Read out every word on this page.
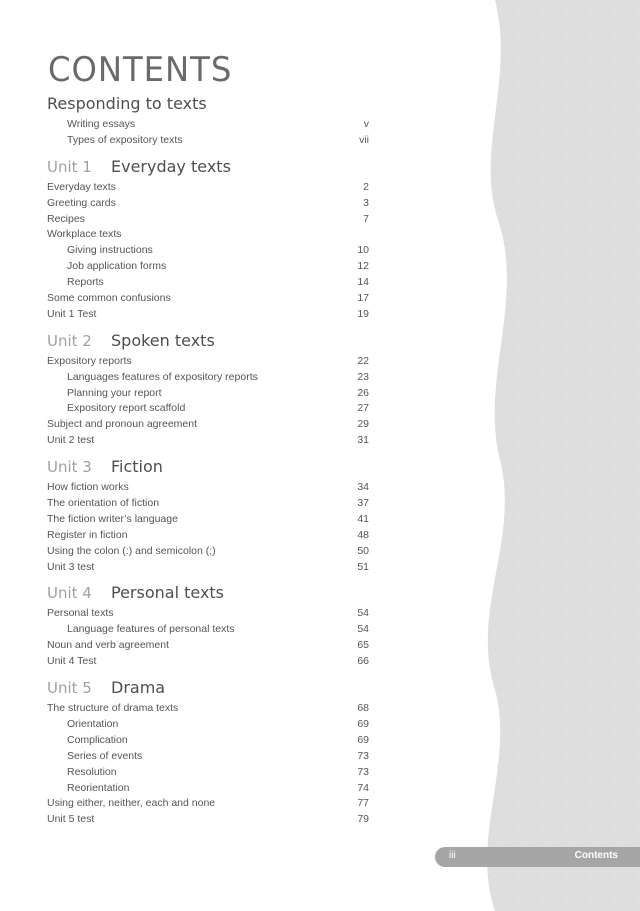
CONTENTS
Responding to texts
Writing essays	v
Types of expository texts	vii
Unit 1 Everyday texts
Everyday texts	2
Greeting cards	3
Recipes	7
Workplace texts
Giving instructions	10
Job application forms	12
Reports	14
Some common confusions	17
Unit 1 Test	19
Unit 2 Spoken texts
Expository reports	22
Languages features of expository reports	23
Planning your report	26
Expository report scaffold	27
Subject and pronoun agreement	29
Unit 2 test	31
Unit 3 Fiction
How fiction works	34
The orientation of fiction	37
The fiction writer’s language	41
Register in fiction	48
Using the colon (:) and semicolon (;)	50
Unit 3 test	51
Unit 4 Personal texts
Personal texts	54
Language features of personal texts	54
Noun and verb agreement	65
Unit 4 Test	66
Unit 5 Drama
The structure of drama texts	68
Orientation	69
Complication	69
Series of events	73
Resolution	73
Reorientation	74
Using either, neither, each and none	77
Unit 5 test	79
iii	Contents
